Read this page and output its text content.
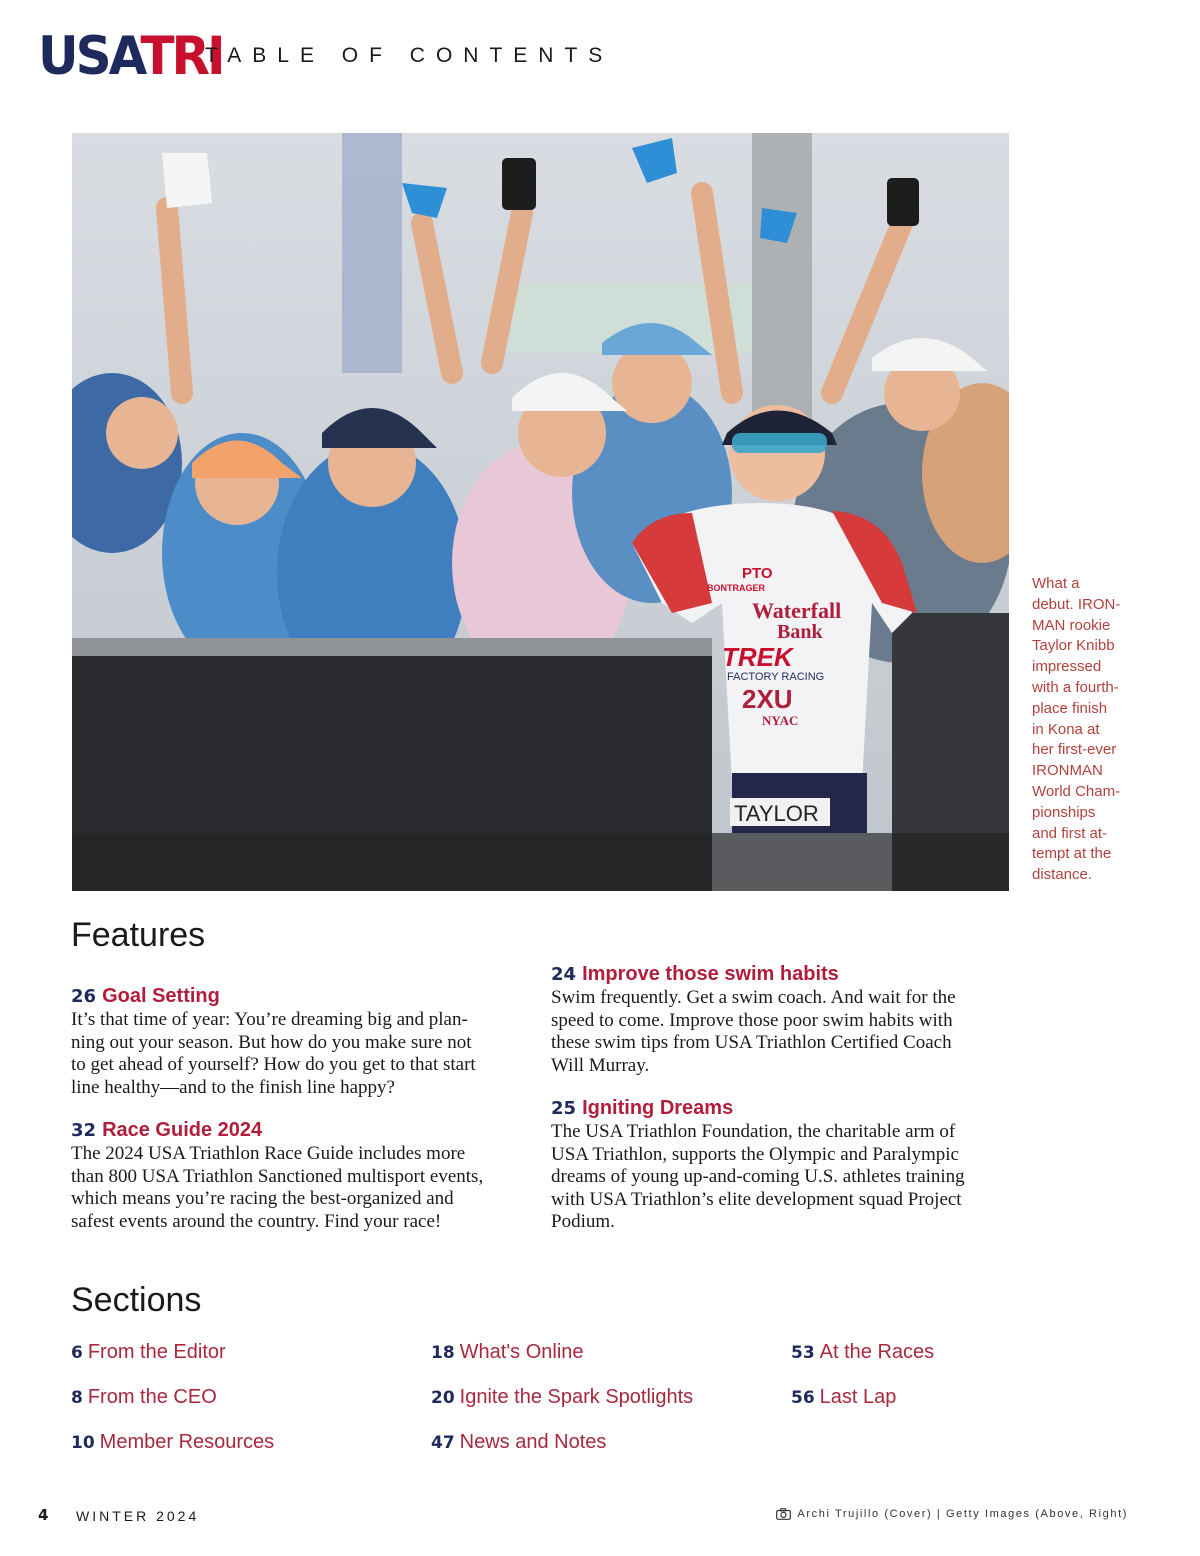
USATRI
TABLE OF CONTENTS
PTO
BONTRAGER
Waterfall
Bank
TREK
FACTORY RACING
2XU
NYAC
TAYLOR
What a
debut. IRON-
MAN rookie
Taylor Knibb
impressed
with a fourth-
place finish
in Kona at
her first-ever
IRONMAN
World Cham-
pionships
and first at-
tempt at the
distance.
Features
26 Goal Setting
It’s that time of year: You’re dreaming big and plan-
ning out your season. But how do you make sure not
to get ahead of yourself? How do you get to that start
line healthy—and to the finish line happy?
32 Race Guide 2024
The 2024 USA Triathlon Race Guide includes more
than 800 USA Triathlon Sanctioned multisport events,
which means you’re racing the best-organized and
safest events around the country. Find your race!
24 Improve those swim habits
Swim frequently. Get a swim coach. And wait for the
speed to come. Improve those poor swim habits with
these swim tips from USA Triathlon Certified Coach
Will Murray.
25 Igniting Dreams
The USA Triathlon Foundation, the charitable arm of
USA Triathlon, supports the Olympic and Paralympic
dreams of young up-and-coming U.S. athletes training
with USA Triathlon’s elite development squad Project
Podium.
Sections
6 From the Editor
8 From the CEO
10 Member Resources
18 What's Online
20 Ignite the Spark Spotlights
47 News and Notes
53 At the Races
56 Last Lap
4 WINTER 2024	Archi Trujillo (Cover) | Getty Images (Above, Right)
